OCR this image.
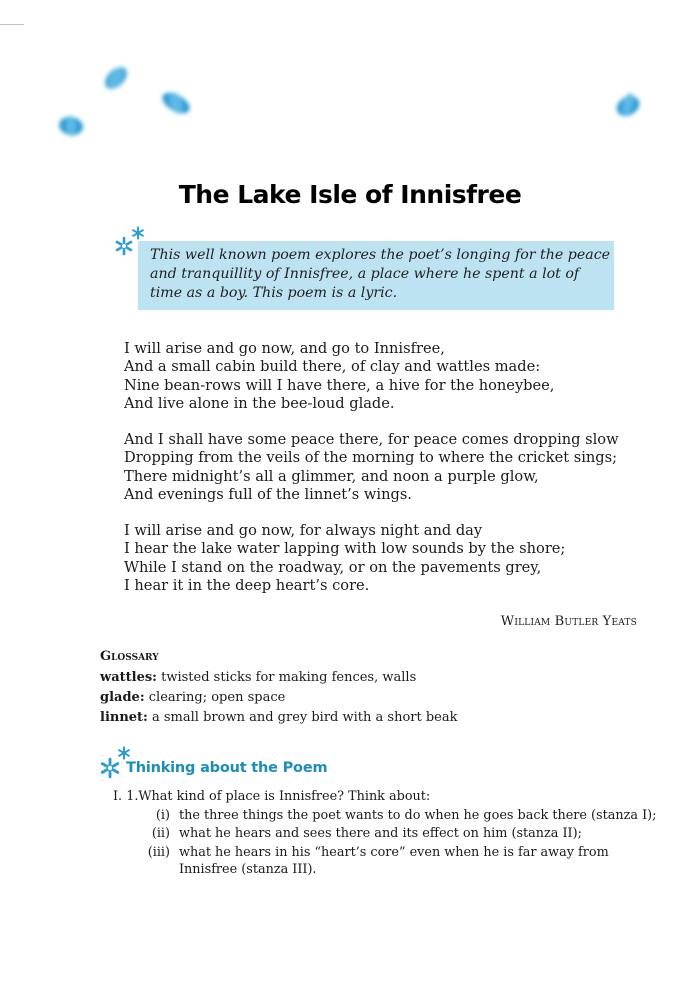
The Lake Isle of Innisfree
This well known poem explores the poet’s longing for the peace
and tranquillity of Innisfree, a place where he spent a lot of
time as a boy. This poem is a lyric.
I will arise and go now, and go to Innisfree,
And a small cabin build there, of clay and wattles made:
Nine bean-rows will I have there, a hive for the honeybee,
And live alone in the bee-loud glade.
And I shall have some peace there, for peace comes dropping slow
Dropping from the veils of the morning to where the cricket sings;
There midnight’s all a glimmer, and noon a purple glow,
And evenings full of the linnet’s wings.
I will arise and go now, for always night and day
I hear the lake water lapping with low sounds by the shore;
While I stand on the roadway, or on the pavements grey,
I hear it in the deep heart’s core.
William Butler Yeats
Glossary
wattles: twisted sticks for making fences, walls
glade: clearing; open space
linnet: a small brown and grey bird with a short beak
Thinking about the Poem
I. 1.What kind of place is Innisfree? Think about:
(i) the three things the poet wants to do when he goes back there (stanza I);
(ii) what he hears and sees there and its effect on him (stanza II);
(iii) what he hears in his “heart’s core” even when he is far away from
Innisfree (stanza III).
